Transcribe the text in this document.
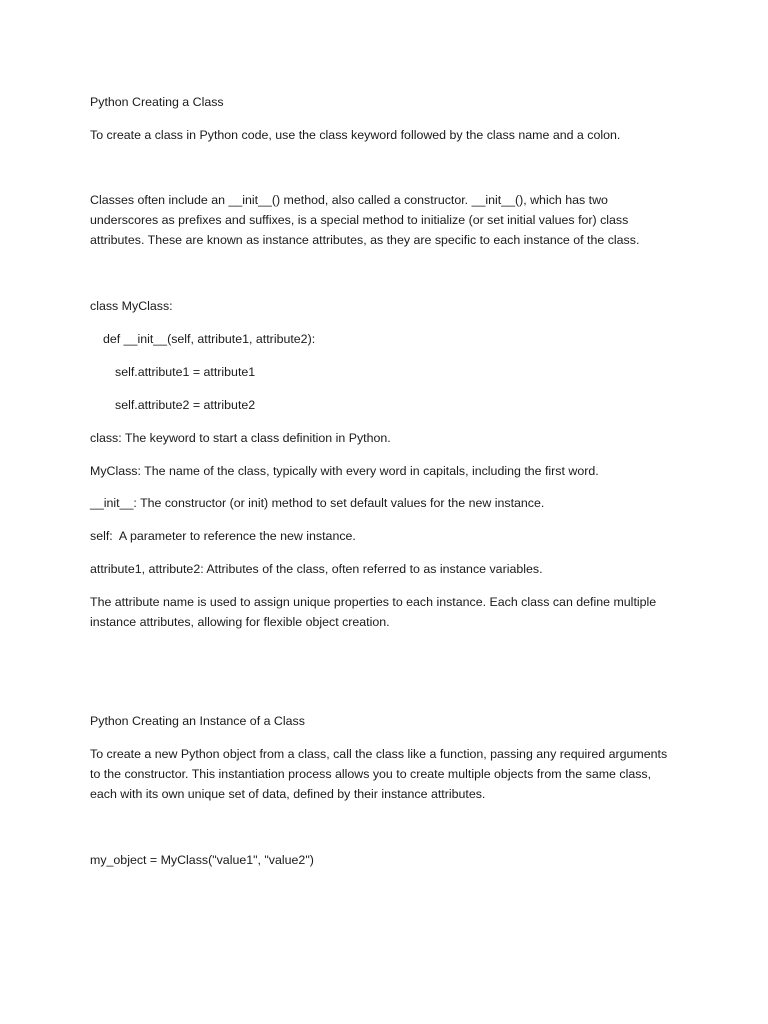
Python Creating a Class

To create a class in Python code, use the class keyword followed by the class name and a colon.

Classes often include an __init__() method, also called a constructor. __init__(), which has two

underscores as prefixes and suffixes, is a special method to initialize (or set initial values for) class

attributes. These are known as instance attributes, as they are specific to each instance of the class.

class MyClass:

def __init__(self, attribute1, attribute2):

self.attribute1 = attribute1

self.attribute2 = attribute2

class: The keyword to start a class definition in Python.

MyClass: The name of the class, typically with every word in capitals, including the first word.

__init__: The constructor (or init) method to set default values for the new instance.

self:  A parameter to reference the new instance.

attribute1, attribute2: Attributes of the class, often referred to as instance variables.

The attribute name is used to assign unique properties to each instance. Each class can define multiple

instance attributes, allowing for flexible object creation.

Python Creating an Instance of a Class

To create a new Python object from a class, call the class like a function, passing any required arguments

to the constructor. This instantiation process allows you to create multiple objects from the same class,

each with its own unique set of data, defined by their instance attributes.

my_object = MyClass("value1", "value2")
